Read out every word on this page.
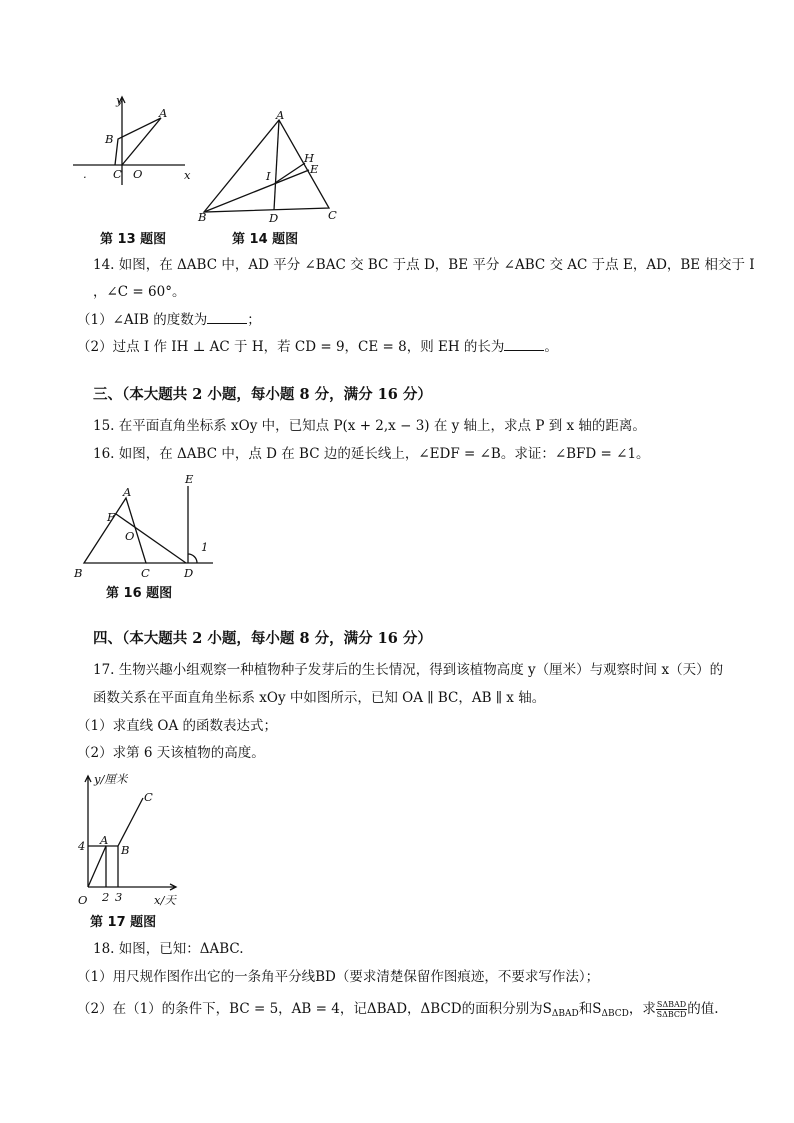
y
A
B
C O	x
.
第 13 题图
A
H
E
I
B	D	C
第 14 题图
14. 如图，在 ΔABC 中，AD 平分 ∠BAC 交 BC 于点 D，BE 平分 ∠ABC 交 AC 于点 E，AD，BE 相交于 I
，∠C = 60°。
（1）∠AIB 的度数为	；
（2）过点 I 作 IH ⊥ AC 于 H，若 CD = 9，CE = 8，则 EH 的长为	。
三、（本大题共 2 小题，每小题 8 分，满分 16 分）
15. 在平面直角坐标系 xOy 中，已知点 P(x + 2,x − 3) 在 y 轴上，求点 P 到 x 轴的距离。
16. 如图，在 ΔABC 中，点 D 在 BC 边的延长线上，∠EDF = ∠B。求证：∠BFD = ∠1。
A
E
F
O
1
B	C	D
第 16 题图
四、（本大题共 2 小题，每小题 8 分，满分 16 分）
17. 生物兴趣小组观察一种植物种子发芽后的生长情况，得到该植物高度 y（厘米）与观察时间 x（天）的
函数关系在平面直角坐标系 xOy 中如图所示，已知 OA ∥ BC，AB ∥ x 轴。
（1）求直线 OA 的函数表达式；
（2）求第 6 天该植物的高度。
y/厘米
C
A
B
4
O 2 3	x/天
第 17 题图
18. 如图，已知：ΔABC.
（1）用尺规作图作出它的一条角平分线BD（要求清楚保留作图痕迹，不要求写作法）；
（2）在（1）的条件下，BC = 5，AB = 4，记ΔBAD，ΔBCD的面积分别为$S_{\Delta BAD}$和$S_{\Delta BCD}$，求 $\frac{\text{SΔBAD}}{\text{SΔBCD}}$ 的值.
